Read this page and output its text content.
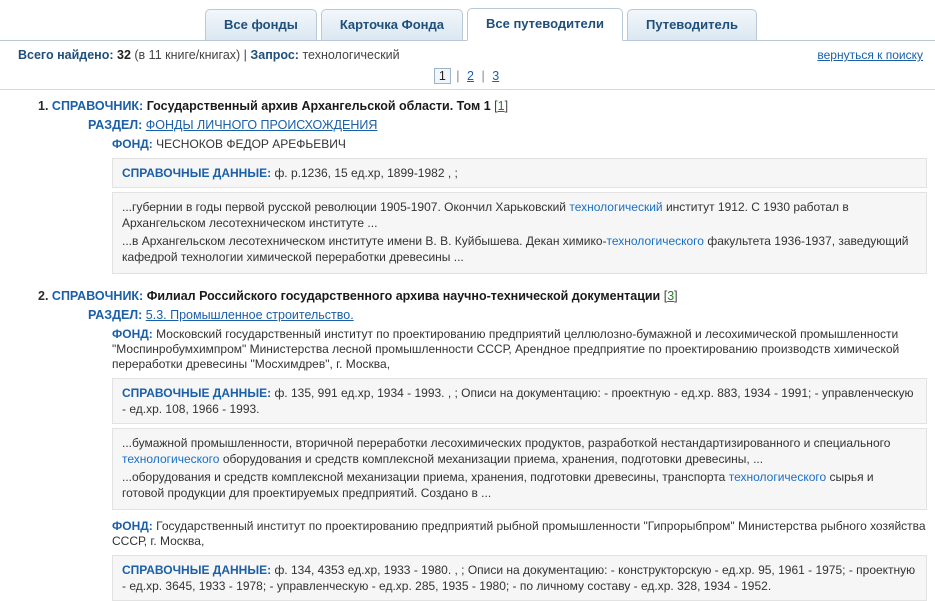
Все фонды	Карточка Фонда	Все путеводители	Путеводитель
Всего найдено: 32 (в 11 книге/книгах) | Запрос: технологический	вернуться к поиску
1 | 2 | 3
1. СПРАВОЧНИК: Государственный архив Архангельской области. Том 1 [1]
РАЗДЕЛ: ФОНДЫ ЛИЧНОГО ПРОИСХОЖДЕНИЯ
ФОНД: ЧЕСНОКОВ ФЕДОР АРЕФЬЕВИЧ
СПРАВОЧНЫЕ ДАННЫЕ: ф. р.1236, 15 ед.хр, 1899-1982 , ;

...губернии в годы первой русской революции 1905-1907. Окончил Харьковский технологический институт 1912. С 1930 работал в Архангельском лесотехническом институте ...

...в Архангельском лесотехническом институте имени В. В. Куйбышева. Декан химико-технологического факультета 1936-1937, заведующий кафедрой технологии химической переработки древесины ...

2. СПРАВОЧНИК: Филиал Российского государственного архива научно-технической документации [3]
РАЗДЕЛ: 5.3. Промышленное строительство.
ФОНД: Московский государственный институт по проектированию предприятий целлюлозно-бумажной и лесохимической промышленности "Моспинробумхимпром" Министерства лесной промышленности СССР, Арендное предприятие по проектированию производств химической переработки древесины "Мосхимдрев", г. Москва,
СПРАВОЧНЫЕ ДАННЫЕ: ф. 135, 991 ед.хр, 1934 - 1993. , ; Описи на документацию: - проектную - ед.хр. 883, 1934 - 1991; - управленческую - ед.хр. 108, 1966 - 1993.

...бумажной промышленности, вторичной переработки лесохимических продуктов, разработкой нестандартизированного и специального технологического оборудования и средств комплексной механизации приема, хранения, подготовки древесины, ...

...оборудования и средств комплексной механизации приема, хранения, подготовки древесины, транспорта технологического сырья и готовой продукции для проектируемых предприятий. Создано в ...

ФОНД: Государственный институт по проектированию предприятий рыбной промышленности "Гипрорыбпром" Министерства рыбного хозяйства СССР, г. Москва,
СПРАВОЧНЫЕ ДАННЫЕ: ф. 134, 4353 ед.хр, 1933 - 1980. , ; Описи на документацию: - конструкторскую - ед.хр. 95, 1961 - 1975; - проектную - ед.хр. 3645, 1933 - 1978; - управленческую - ед.хр. 285, 1935 - 1980; - по личному составу - ед.хр. 328, 1934 - 1952.
